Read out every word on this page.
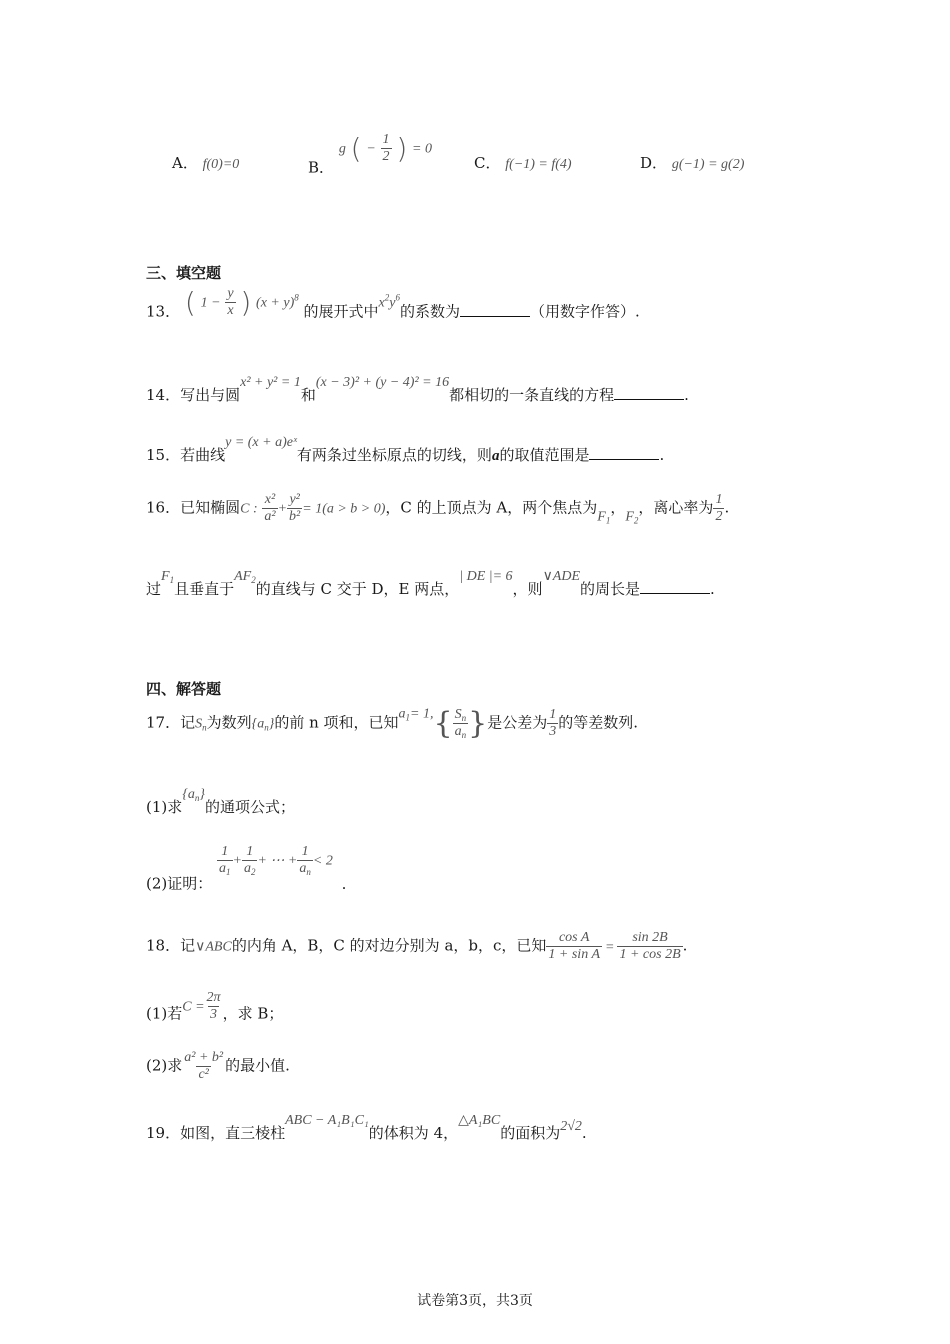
A． f(0)=0	B． g ( − $\frac{1}{2}$ ) = 0
C． f(−1) = f(4)	D． g(−1) = g(2)
三、填空题
13． ( $1 - \frac{y}{x}$ ) $(x + y)^8$ 的展开式中$x^2y^6$的系数为	（用数字作答）.
14．写出与圆x² + y² = 1和(x − 3)² + (y − 4)² = 16都相切的一条直线的方程	.
15．若曲线y = (x + a)eˣ有两条过坐标原点的切线，则a的取值范围是	.
16．已知椭圆C : $\frac{\text{x²}}{\text{a²}} + \frac{\text{y²}}{\text{b²}} = 1(a > b > 0)$，C 的上顶点为 A，两个焦点为$F_1$，$F_2$，离心率为 $\frac{1}{2}$ .
过$F_1$且垂直于$AF_2$的直线与 C 交于 D，E 两点，| DE |= 6，则∨ADE的周长是	.
四、解答题
17．记$S_n$为数列$\{a_n\}$的前 n 项和，已知$a^1= 1,\{ \frac{S_n}{a_n}$ }是公差为 $\frac{1}{3}$ 的等差数列.
(1)求$\{a_n\}$的通项公式；
(2)证明：
$\frac{1}{a_1} + \frac{1}{a_2}$ + ⋯ + $\frac{1}{a_n} < 2$ .
18．记∨ABC的内角 A，B，C 的对边分别为 a，b，c，已知 $\frac{\text{cos A}}{\text{1 + sin A}} = \frac{\sin 2B}{1 + \cos 2B}$ .
(1)若$C = \frac{2\pi}{3}$ ，求 B；
(2)求 $\frac{\text{a² + b²}}{\text{c²}}$ 的最小值.
19．如图，直三棱柱ABC − A₁B₁C₁的体积为 4，△A₁BC的面积为2√2.
试卷第3页，共3页
